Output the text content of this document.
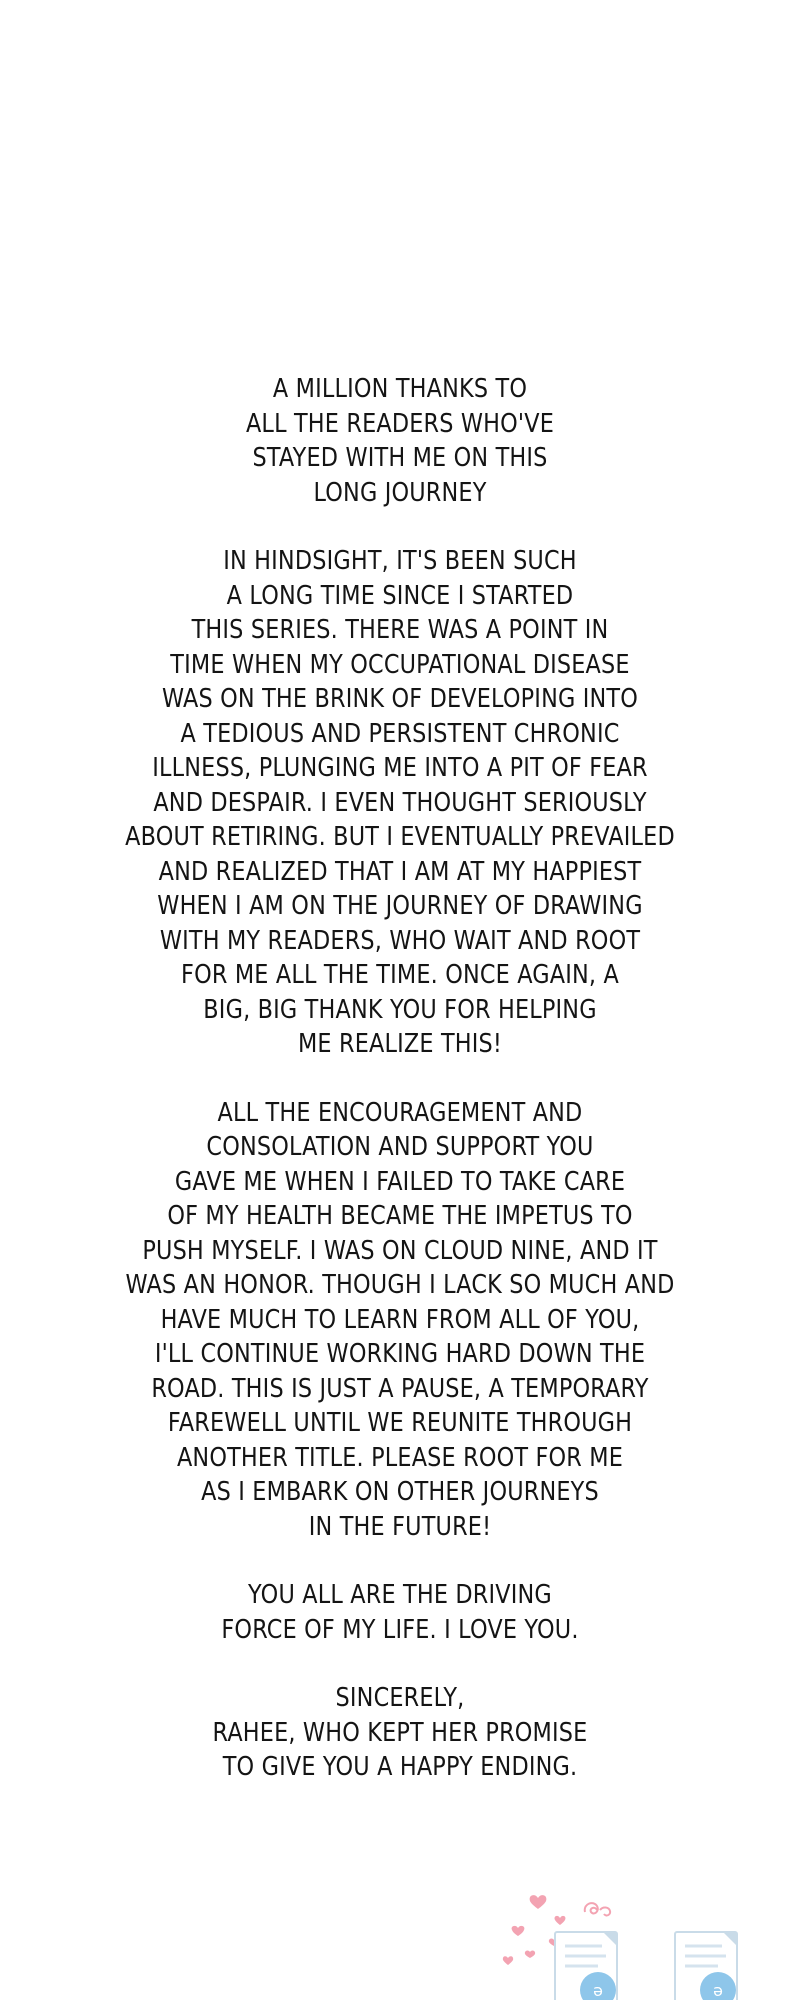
A MILLION THANKS TO
ALL THE READERS WHO'VE
STAYED WITH ME ON THIS
LONG JOURNEY

IN HINDSIGHT, IT'S BEEN SUCH
A LONG TIME SINCE I STARTED
THIS SERIES. THERE WAS A POINT IN
TIME WHEN MY OCCUPATIONAL DISEASE
WAS ON THE BRINK OF DEVELOPING INTO
A TEDIOUS AND PERSISTENT CHRONIC
ILLNESS, PLUNGING ME INTO A PIT OF FEAR
AND DESPAIR. I EVEN THOUGHT SERIOUSLY
ABOUT RETIRING. BUT I EVENTUALLY PREVAILED
AND REALIZED THAT I AM AT MY HAPPIEST
WHEN I AM ON THE JOURNEY OF DRAWING
WITH MY READERS, WHO WAIT AND ROOT
FOR ME ALL THE TIME. ONCE AGAIN, A
BIG, BIG THANK YOU FOR HELPING
ME REALIZE THIS!

ALL THE ENCOURAGEMENT AND
CONSOLATION AND SUPPORT YOU
GAVE ME WHEN I FAILED TO TAKE CARE
OF MY HEALTH BECAME THE IMPETUS TO
PUSH MYSELF. I WAS ON CLOUD NINE, AND IT
WAS AN HONOR. THOUGH I LACK SO MUCH AND
HAVE MUCH TO LEARN FROM ALL OF YOU,
I'LL CONTINUE WORKING HARD DOWN THE
ROAD. THIS IS JUST A PAUSE, A TEMPORARY
FAREWELL UNTIL WE REUNITE THROUGH
ANOTHER TITLE. PLEASE ROOT FOR ME
AS I EMBARK ON OTHER JOURNEYS
IN THE FUTURE!

YOU ALL ARE THE DRIVING
FORCE OF MY LIFE. I LOVE YOU.

SINCERELY,
RAHEE, WHO KEPT HER PROMISE
TO GIVE YOU A HAPPY ENDING.

ǝ	ǝ
